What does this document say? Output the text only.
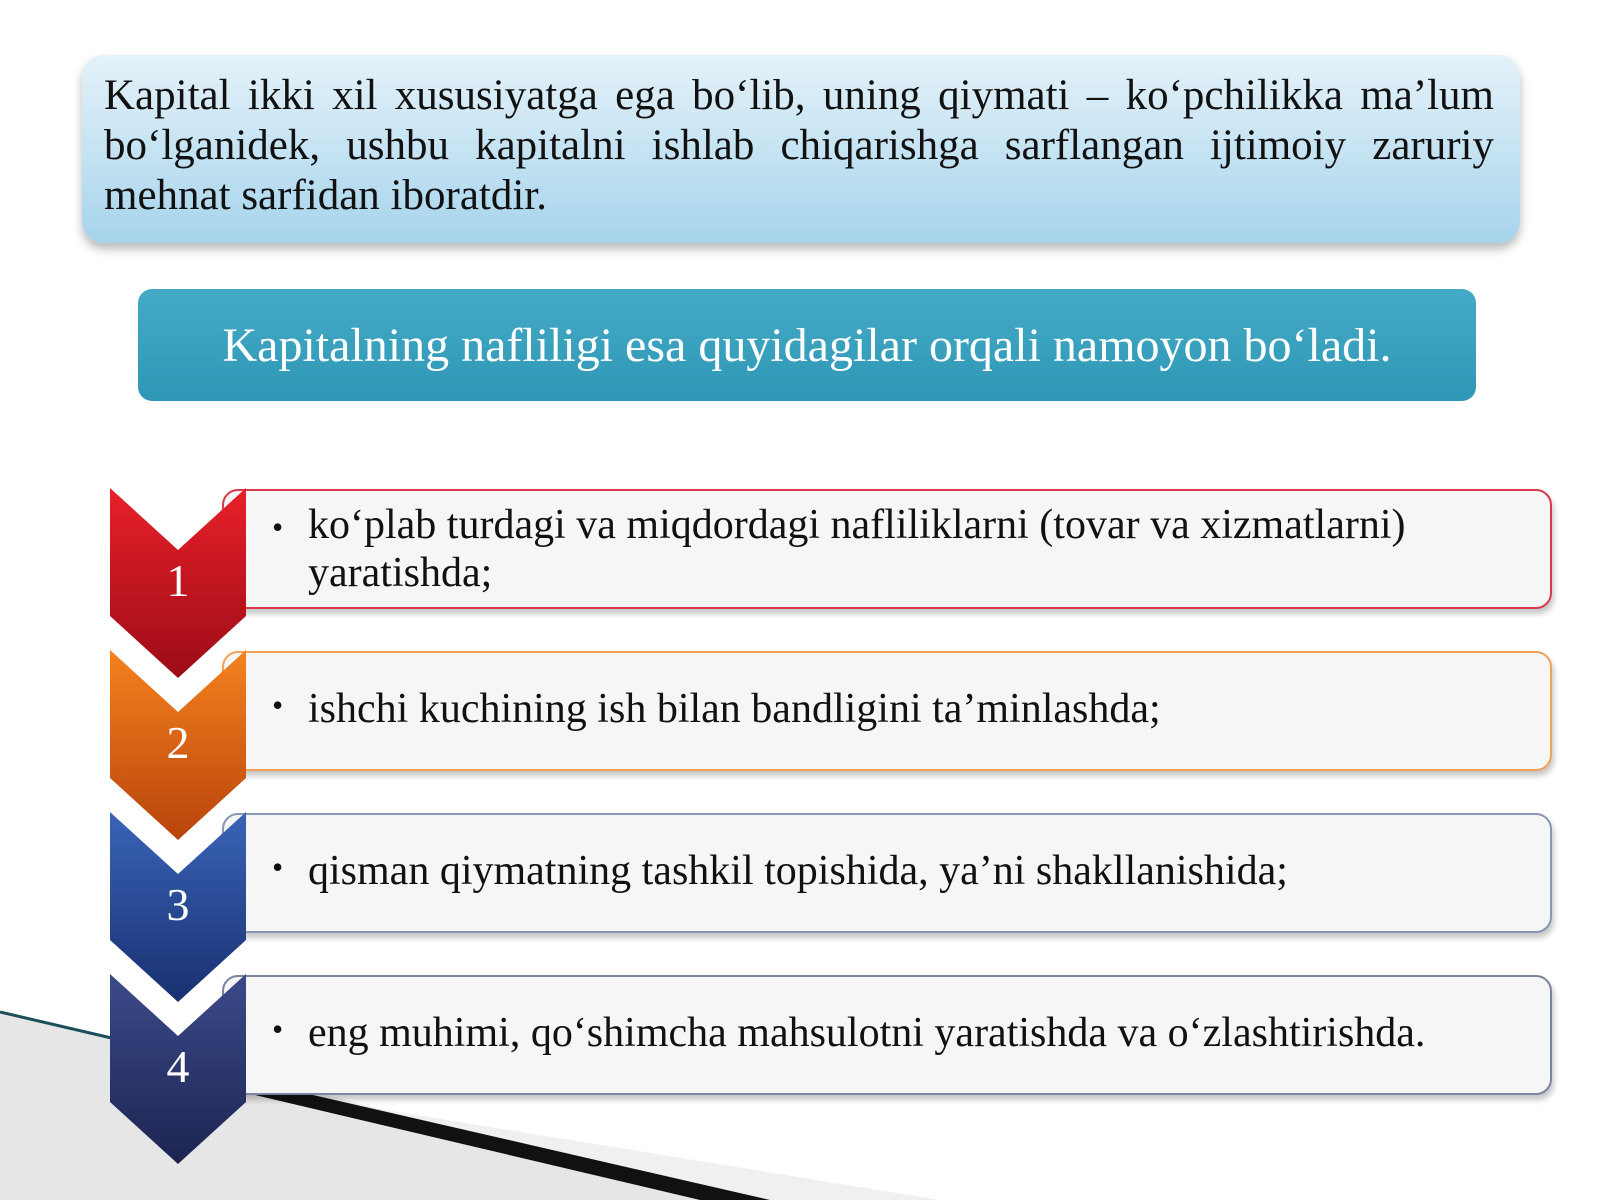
Kapital ikki xil xususiyatga ega bo‘lib, uning qiymati – ko‘pchilikka ma’lum bo‘lganidek, ushbu kapitalni ishlab chiqarishga sarflangan ijtimoiy zaruriy mehnat sarfidan iboratdir.

Kapitalning nafliligi esa quyidagilar orqali namoyon bo‘ladi.
• ko‘plab turdagi va miqdordagi nafliliklarni (tovar va xizmatlarni) yaratishda;
1
• ishchi kuchining ish bilan bandligini ta’minlashda;
2
• qisman qiymatning tashkil topishida, ya’ni shakllanishida;
3
• eng muhimi, qo‘shimcha mahsulotni yaratishda va o‘zlashtirishda.
4
